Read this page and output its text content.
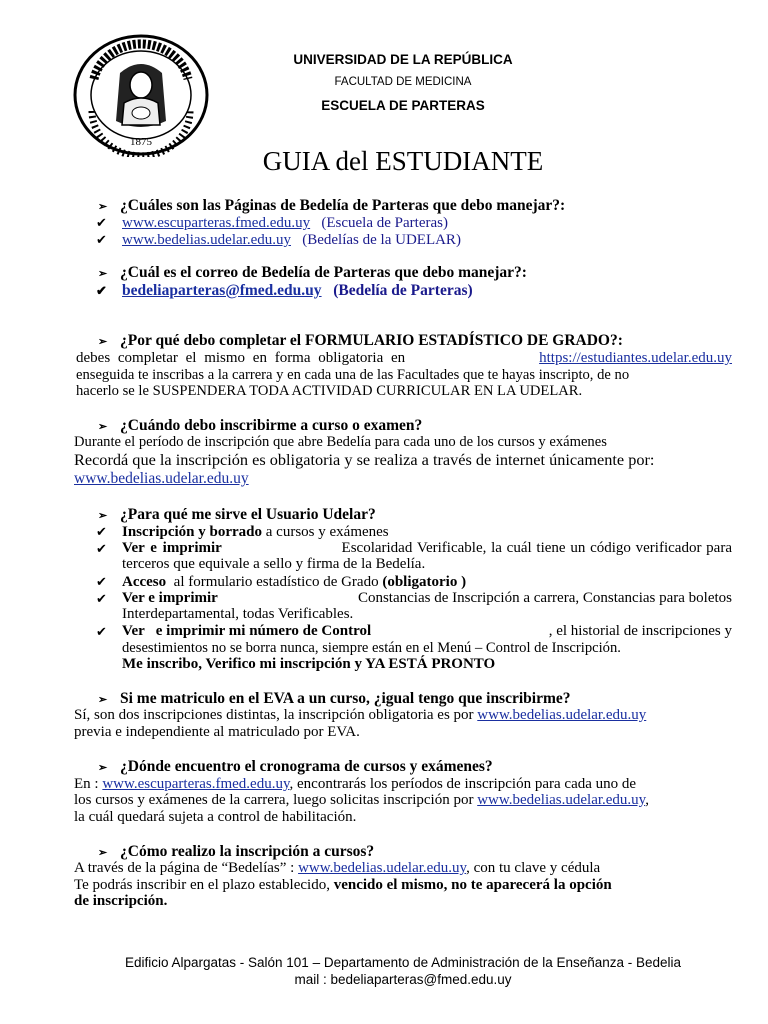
1875
UNIVERSIDAD DE LA REPÚBLICA
FACULTAD DE MEDICINA
ESCUELA DE PARTERAS
GUIA del ESTUDIANTE
➢ ¿Cuáles son las Páginas de Bedelía de Parteras que debo manejar?:
✔ www.escuparteras.fmed.edu.uy (Escuela de Parteras)
✔ www.bedelias.udelar.edu.uy (Bedelías de la UDELAR)
➢ ¿Cuál es el correo de Bedelía de Parteras que debo manejar?:
✔ bedeliaparteras@fmed.edu.uy (Bedelía de Parteras)
➢ ¿Por qué debo completar el FORMULARIO ESTADÍSTICO DE GRADO?:
debes completar el mismo en forma obligatoria en	https://estudiantes.udelar.edu.uy
enseguida te inscribas a la carrera y en cada una de las Facultades que te hayas inscripto, de no
hacerlo se le SUSPENDERA TODA ACTIVIDAD CURRICULAR EN LA UDELAR.
➢ ¿Cuándo debo inscribirme a curso o examen?
Durante el período de inscripción que abre Bedelía para cada uno de los cursos y exámenes
Recordá que la inscripción es obligatoria y se realiza a través de internet únicamente por:
www.bedelias.udelar.edu.uy
➢ ¿Para qué me sirve el Usuario Udelar?
✔ Inscripción y borrado a cursos y exámenes
✔	Ver e imprimir	Escolaridad Verificable, la cuál tiene un código verificador para
terceros que equivale a sello y firma de la Bedelía.
✔ Acceso al formulario estadístico de Grado (obligatorio )
✔	Ver e imprimir	Constancias de Inscripción a carrera, Constancias para boletos
Interdepartamental, todas Verificables.
✔	Ver   e imprimir mi número de Control	, el historial de inscripciones y
desestimientos no se borra nunca, siempre están en el Menú – Control de Inscripción.
Me inscribo, Verifico mi inscripción y YA ESTÁ PRONTO
➢ Si me matriculo en el EVA a un curso, ¿igual tengo que inscribirme?
Sí, son dos inscripciones distintas, la inscripción obligatoria es por www.bedelias.udelar.edu.uy
previa e independiente al matriculado por EVA.
➢ ¿Dónde encuentro el cronograma de cursos y exámenes?
En : www.escuparteras.fmed.edu.uy, encontrarás los períodos de inscripción para cada uno de
los cursos y exámenes de la carrera, luego solicitas inscripción por www.bedelias.udelar.edu.uy,
la cuál quedará sujeta a control de habilitación.
➢ ¿Cómo realizo la inscripción a cursos?
A través de la página de “Bedelías” : www.bedelias.udelar.edu.uy, con tu clave y cédula
Te podrás inscribir en el plazo establecido, vencido el mismo, no te aparecerá la opción
de inscripción.
Edificio Alpargatas - Salón 101 – Departamento de Administración de la Enseñanza - Bedelia
mail : bedeliaparteras@fmed.edu.uy
